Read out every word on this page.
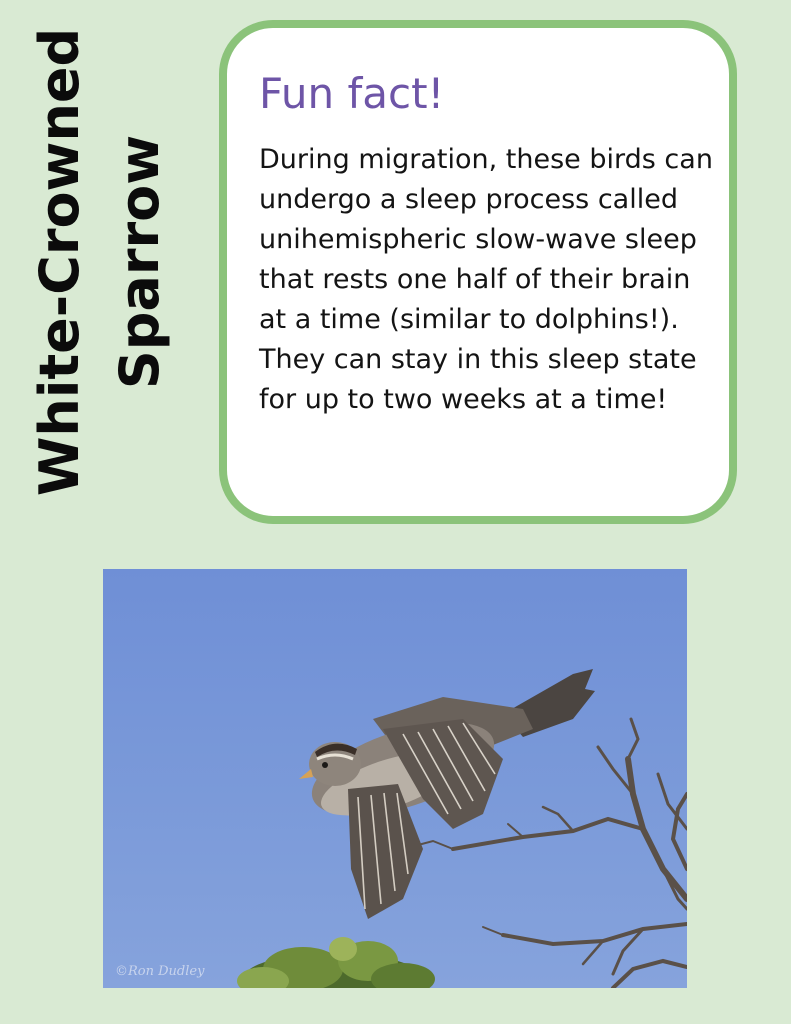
White-Crowned Sparrow
Fun fact!

During migration, these birds can
undergo a sleep process called
unihemispheric slow-wave sleep
that rests one half of their brain
at a time (similar to dolphins!).
They can stay in this sleep state
for up to two weeks at a time!

©Ron Dudley
